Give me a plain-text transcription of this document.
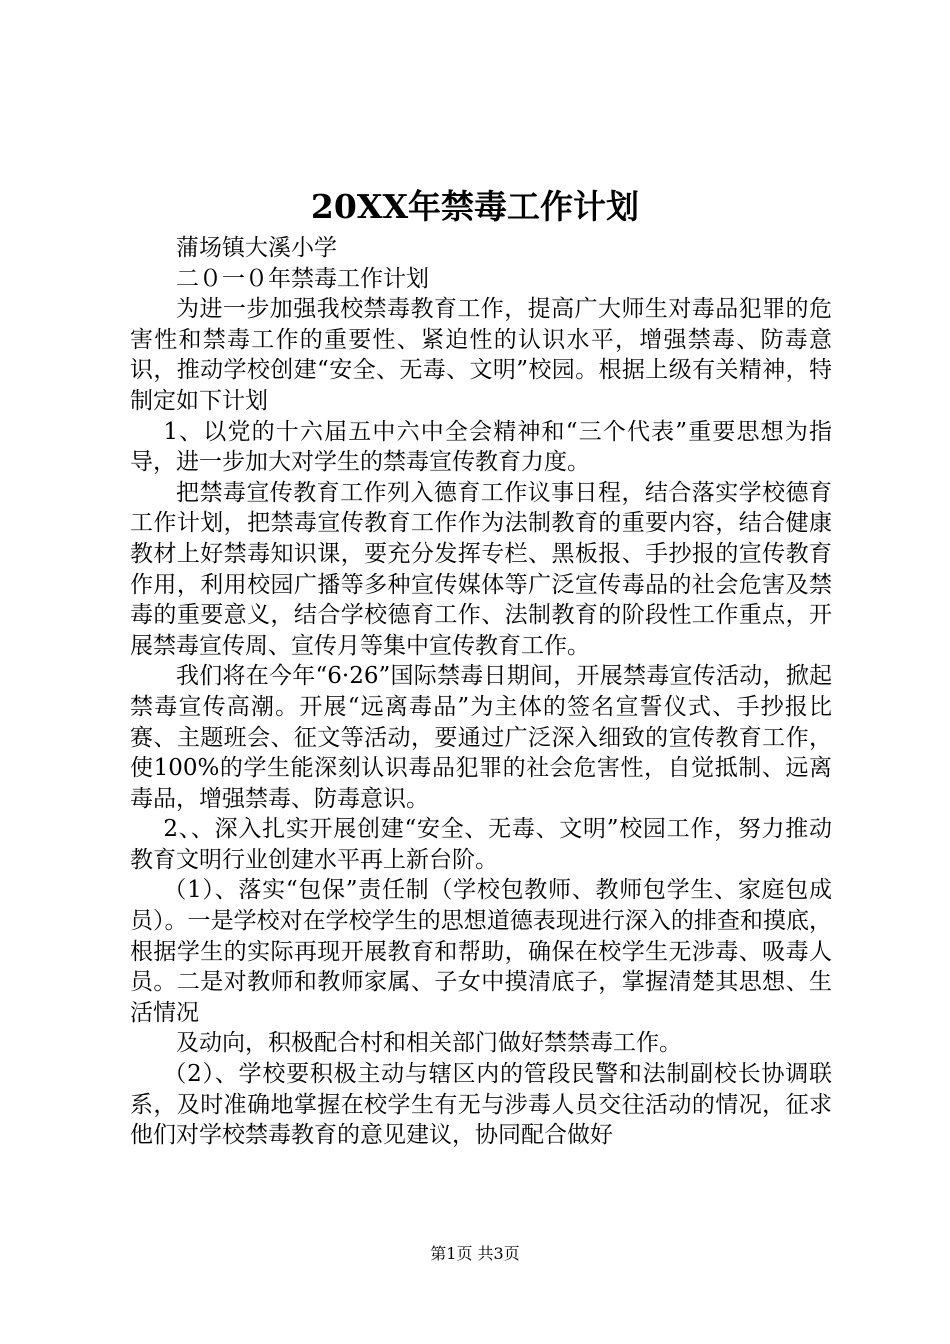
20XX年禁毒工作计划

蒲场镇大溪小学

二０一０年禁毒工作计划

为进一步加强我校禁毒教育工作，提高广大师生对毒品犯罪的危害性和禁毒工作的重要性、紧迫性的认识水平，增强禁毒、防毒意识，推动学校创建“安全、无毒、文明”校园。根据上级有关精神，特制定如下计划

1、以党的十六届五中六中全会精神和“三个代表”重要思想为指导，进一步加大对学生的禁毒宣传教育力度。

把禁毒宣传教育工作列入德育工作议事日程，结合落实学校德育工作计划，把禁毒宣传教育工作作为法制教育的重要内容，结合健康教材上好禁毒知识课，要充分发挥专栏、黑板报、手抄报的宣传教育作用，利用校园广播等多种宣传媒体等广泛宣传毒品的社会危害及禁毒的重要意义，结合学校德育工作、法制教育的阶段性工作重点，开展禁毒宣传周、宣传月等集中宣传教育工作。

我们将在今年“6·26”国际禁毒日期间，开展禁毒宣传活动，掀起禁毒宣传高潮。开展“远离毒品”为主体的签名宣誓仪式、手抄报比赛、主题班会、征文等活动，要通过广泛深入细致的宣传教育工作，使100%的学生能深刻认识毒品犯罪的社会危害性，自觉抵制、远离毒品，增强禁毒、防毒意识。

2、、深入扎实开展创建“安全、无毒、文明”校园工作，努力推动教育文明行业创建水平再上新台阶。

（1）、落实“包保”责任制（学校包教师、教师包学生、家庭包成员）。一是学校对在学校学生的思想道德表现进行深入的排查和摸底，根据学生的实际再现开展教育和帮助，确保在校学生无涉毒、吸毒人员。二是对教师和教师家属、子女中摸清底子，掌握清楚其思想、生活情况

及动向，积极配合村和相关部门做好禁禁毒工作。

（2）、学校要积极主动与辖区内的管段民警和法制副校长协调联系，及时准确地掌握在校学生有无与涉毒人员交往活动的情况，征求他们对学校禁毒教育的意见建议，协同配合做好

第1页 共3页
